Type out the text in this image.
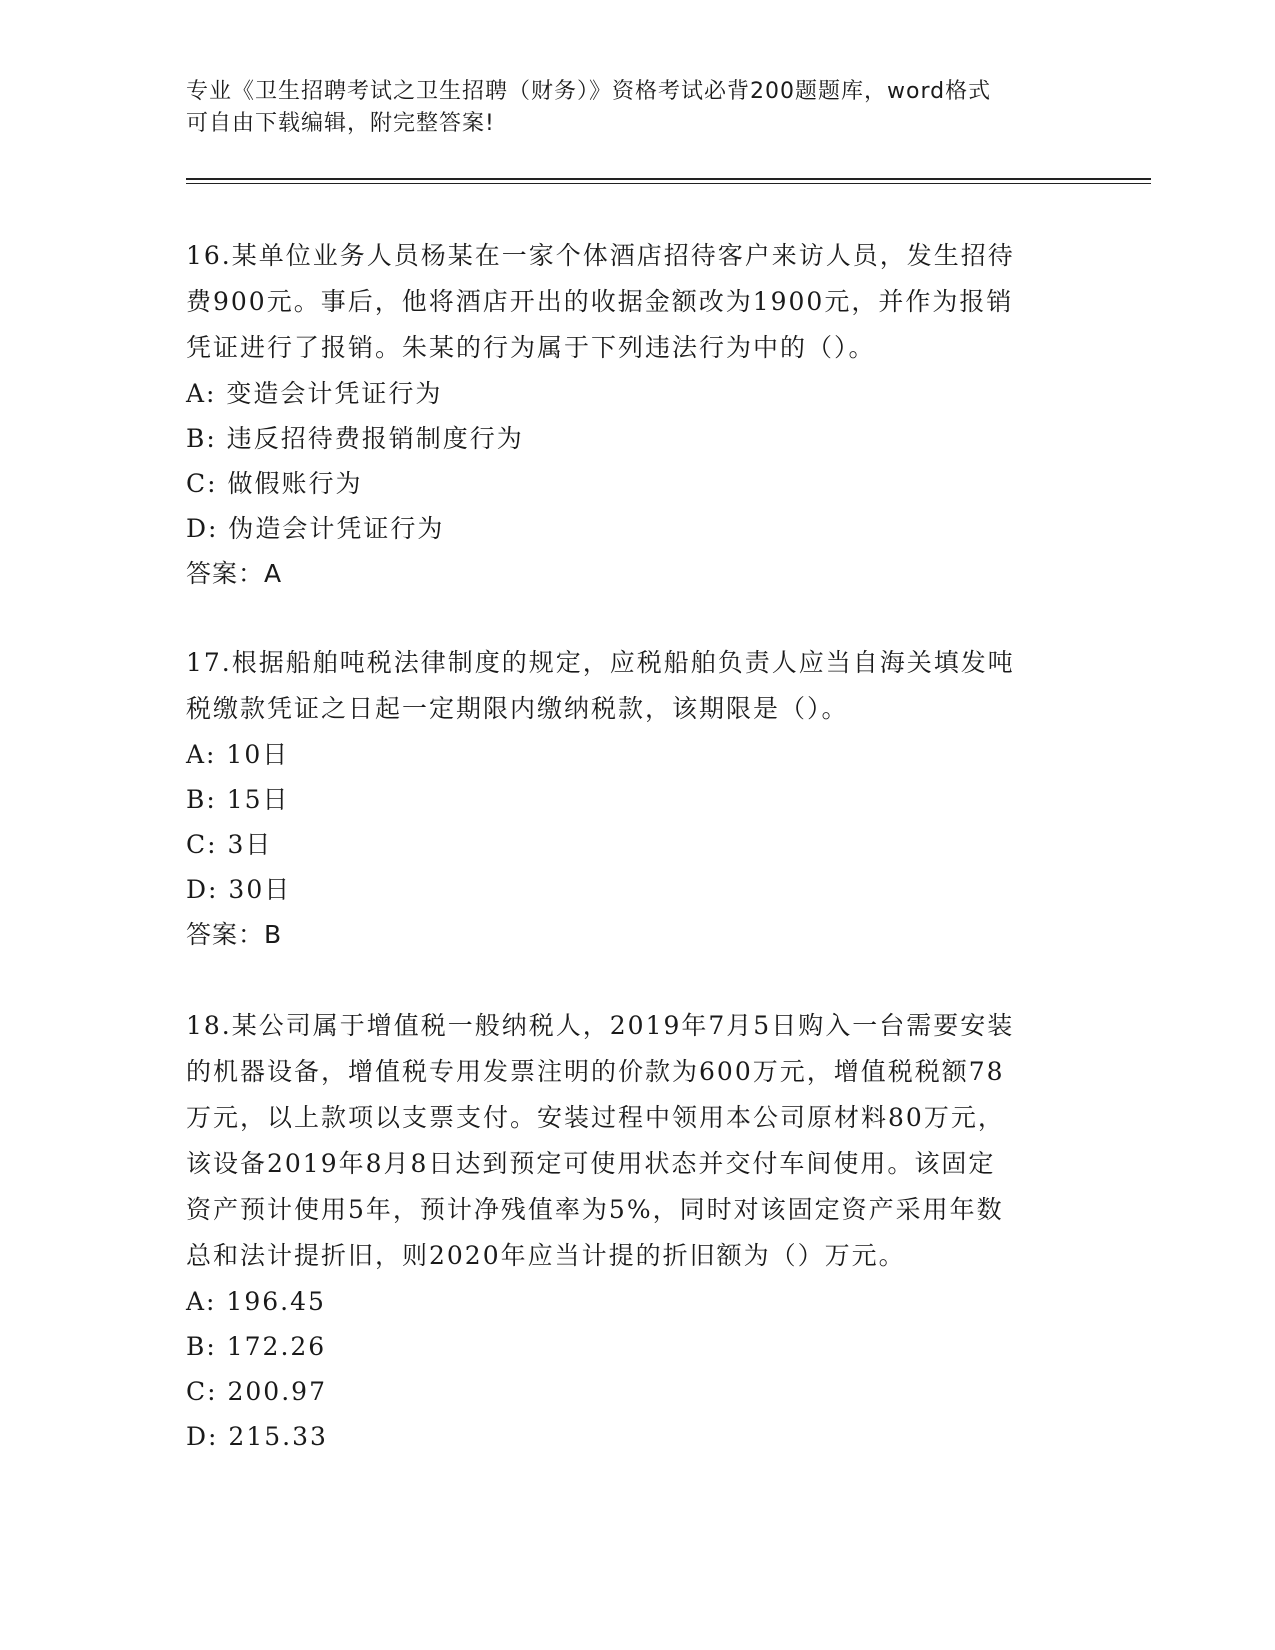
专业《卫生招聘考试之卫生招聘（财务）》资格考试必背200题题库，word格式
可自由下载编辑，附完整答案!
16.某单位业务人员杨某在一家个体酒店招待客户来访人员，发生招待
费900元。事后，他将酒店开出的收据金额改为1900元，并作为报销
凭证进行了报销。朱某的行为属于下列违法行为中的（）。
A: 变造会计凭证行为
B: 违反招待费报销制度行为
C: 做假账行为
D: 伪造会计凭证行为
答案：A
17.根据船舶吨税法律制度的规定，应税船舶负责人应当自海关填发吨
税缴款凭证之日起一定期限内缴纳税款，该期限是（）。
A: 10日
B: 15日
C: 3日
D: 30日
答案：B
18.某公司属于增值税一般纳税人，2019年7月5日购入一台需要安装
的机器设备，增值税专用发票注明的价款为600万元，增值税税额78
万元，以上款项以支票支付。安装过程中领用本公司原材料80万元，
该设备2019年8月8日达到预定可使用状态并交付车间使用。该固定
资产预计使用5年，预计净残值率为5%，同时对该固定资产采用年数
总和法计提折旧，则2020年应当计提的折旧额为（）万元。
A: 196.45
B: 172.26
C: 200.97
D: 215.33
